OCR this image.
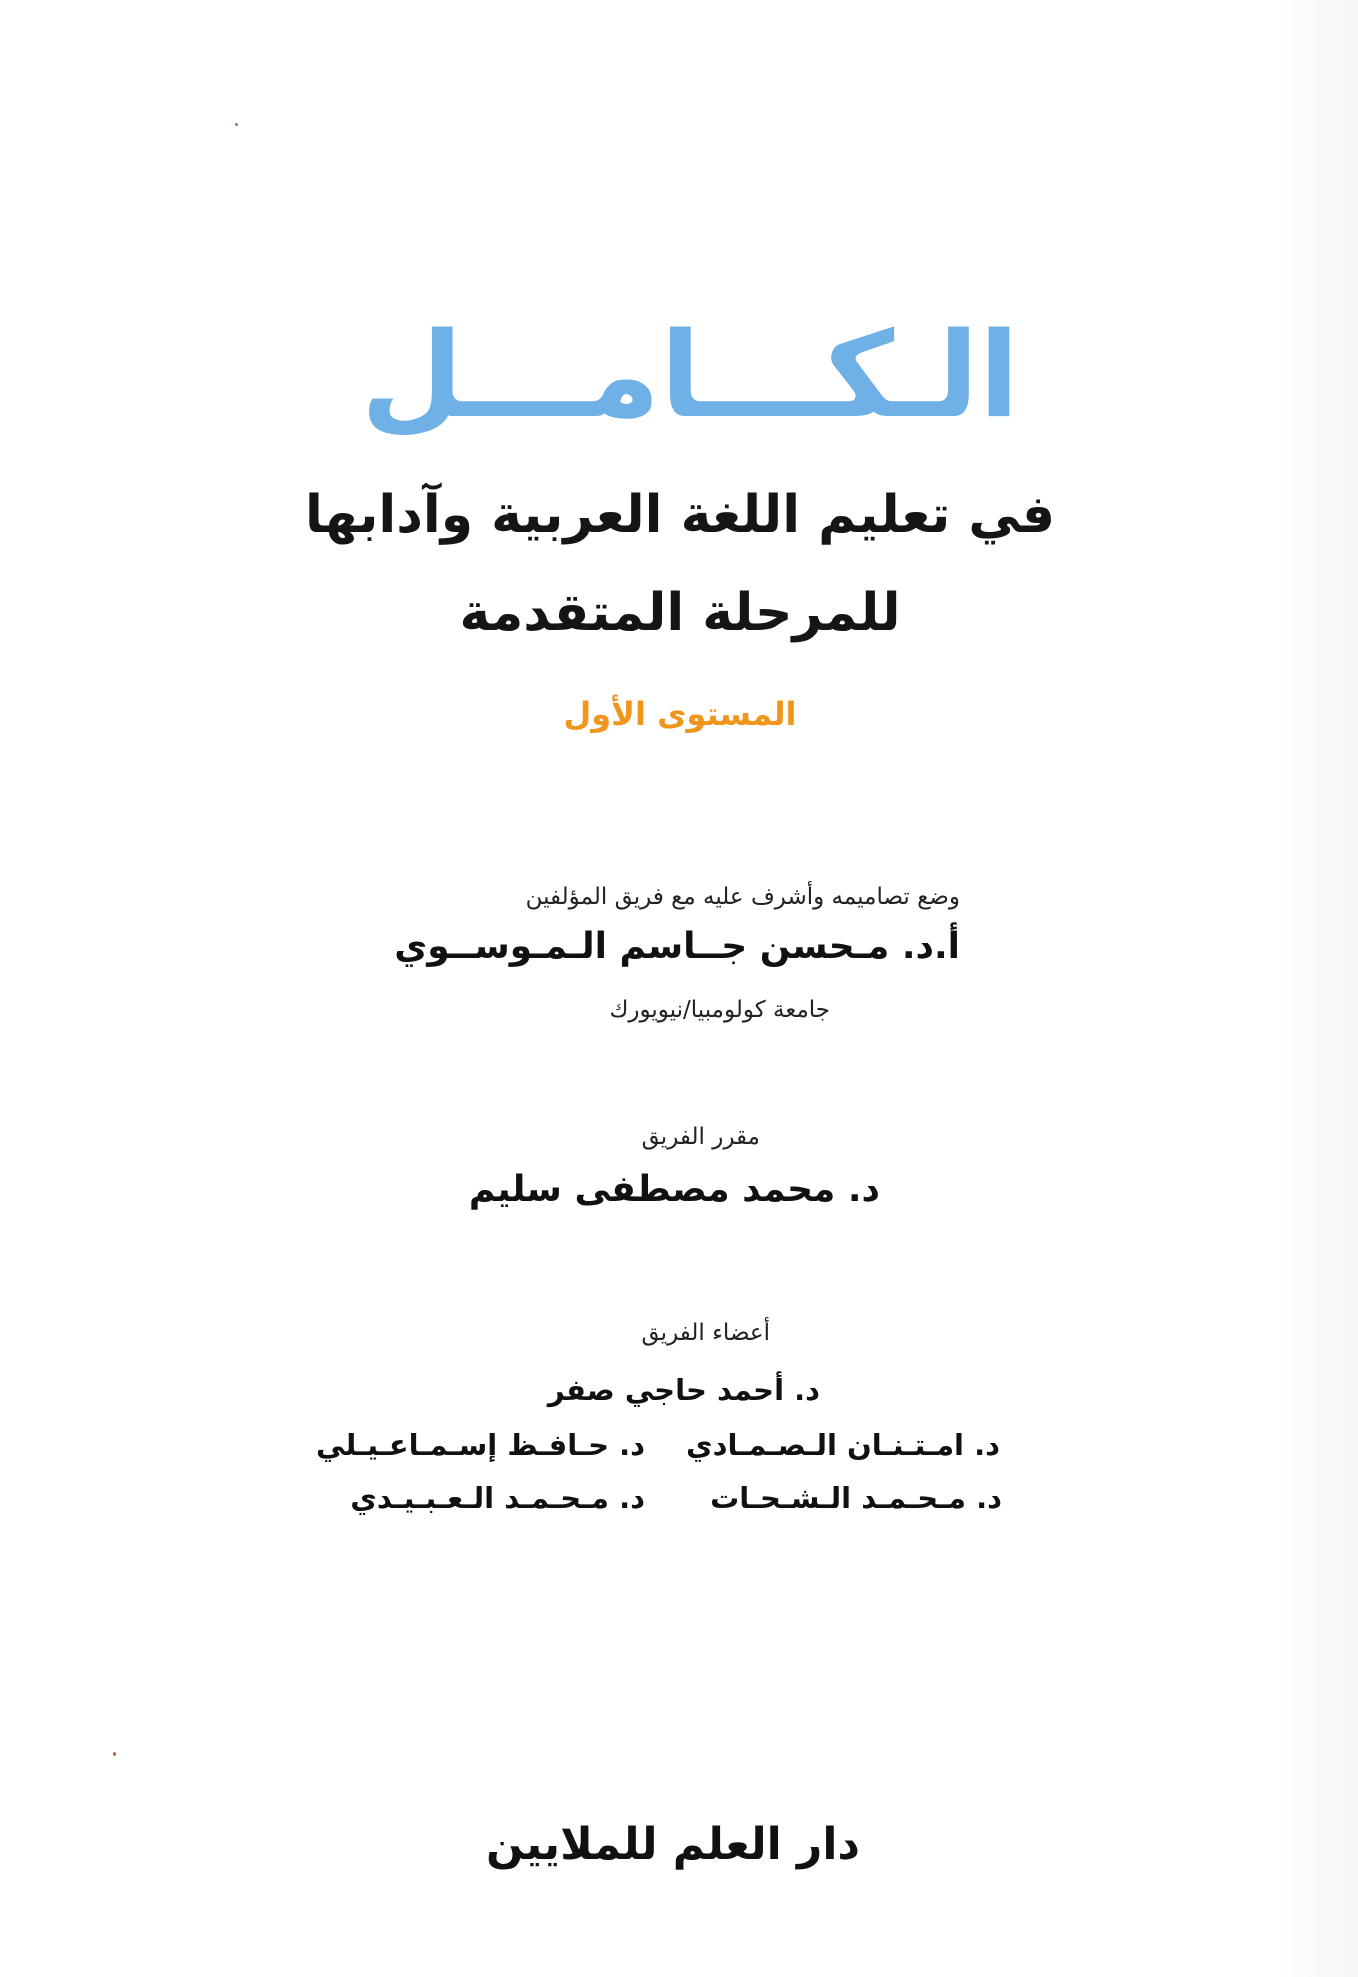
الـكـــامـــل
في تعليم اللغة العربية وآدابها
للمرحلة المتقدمة
المستوى الأول
وضع تصاميمه وأشرف عليه مع فريق المؤلفين
أ.د. مـحسن جــاسم الـمـوســوي
جامعة كولومبيا/نيويورك
مقرر الفريق
د. محمد مصطفى سليم
أعضاء الفريق
د. أحمد حاجي صفر
د. امـتـنـان الـصـمـادي
د. حـافـظ إسـمـاعـيـلي
د. مـحـمـد الـشـحـات
د. مـحـمـد الـعـبـيـدي
دار العلم للملايين
